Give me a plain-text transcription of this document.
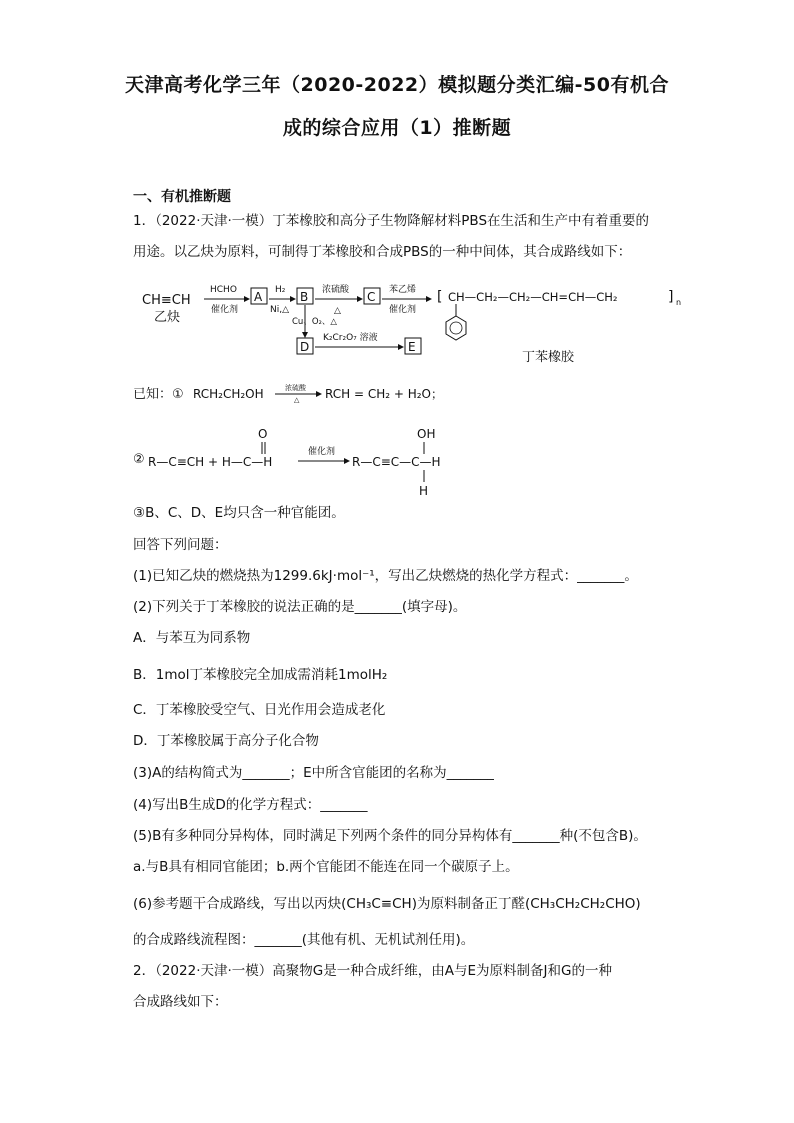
天津高考化学三年（2020-2022）模拟题分类汇编-50有机合
成的综合应用（1）推断题
一、有机推断题
1．（2022·天津·一模）丁苯橡胶和高分子生物降解材料PBS在生活和生产中有着重要的
用途。以乙炔为原料，可制得丁苯橡胶和合成PBS的一种中间体，其合成路线如下：
CH≡CH
乙炔
HCHO
催化剂
A H₂
Ni,△
B 浓硫酸
△
C 苯乙烯
催化剂
[ CH—CH₂—CH₂—CH=CH—CH₂	] n
丁苯橡胶
Cu、O₂、△
D
K₂Cr₂O₇ 溶液
E
已知：① RCH₂CH₂OH	浓硫酸
△ RCH = CH₂ + H₂O；
② R—C≡CH + H—C—H
O
催化剂
R—C≡C—C—H
OH
H
③B、C、D、E均只含一种官能团。
回答下列问题：
(1)已知乙炔的燃烧热为1299.6kJ·mol⁻¹，写出乙炔燃烧的热化学方程式：_______。
(2)下列关于丁苯橡胶的说法正确的是_______(填字母)。
A．与苯互为同系物
B．1mol丁苯橡胶完全加成需消耗1molH₂
C．丁苯橡胶受空气、日光作用会造成老化
D．丁苯橡胶属于高分子化合物
(3)A的结构简式为_______；E中所含官能团的名称为_______
(4)写出B生成D的化学方程式：_______
(5)B有多种同分异构体，同时满足下列两个条件的同分异构体有_______种(不包含B)。
a.与B具有相同官能团；b.两个官能团不能连在同一个碳原子上。
(6)参考题干合成路线，写出以丙炔(CH₃C≡CH)为原料制备正丁醛(CH₃CH₂CH₂CHO)
的合成路线流程图：_______(其他有机、无机试剂任用)。
2．（2022·天津·一模）高聚物G是一种合成纤维，由A与E为原料制备J和G的一种
合成路线如下：
